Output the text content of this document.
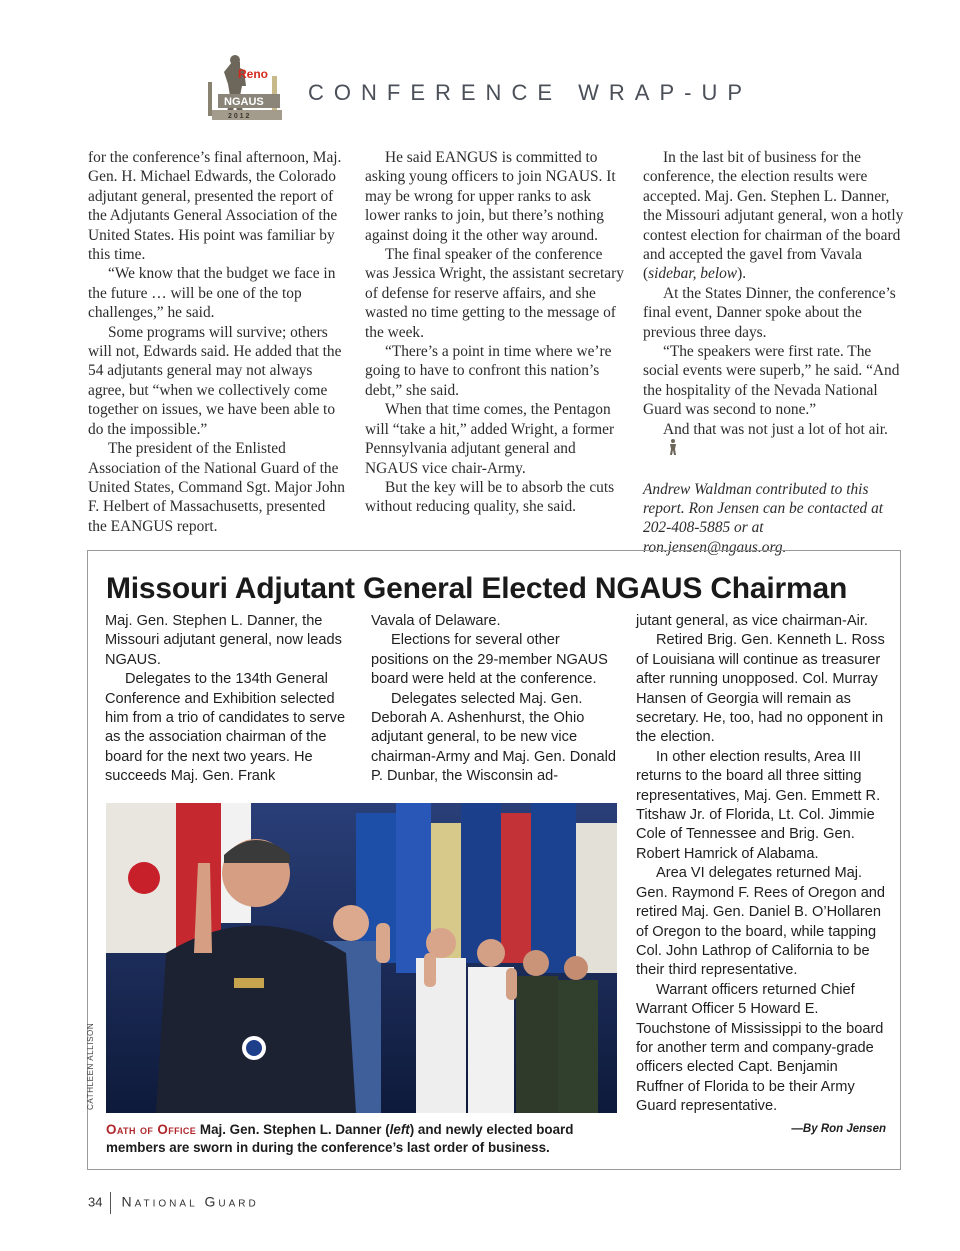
Reno
NGAUS
2 0 1 2
CONFERENCE WRAP-UP

for the conference’s final afternoon, Maj. Gen. H. Michael Edwards, the Colorado adjutant general, presented the report of the Adjutants General Association of the United States. His point was familiar by this time.

“We know that the budget we face in the future … will be one of the top challenges,” he said.

Some programs will survive; others will not, Edwards said. He added that the 54 adjutants general may not always agree, but “when we collectively come together on issues, we have been able to do the impossible.”

The president of the Enlisted Association of the National Guard of the United States, Command Sgt. Major John F. Helbert of Massachusetts, presented the EANGUS report.

He said EANGUS is committed to asking young officers to join NGAUS. It may be wrong for upper ranks to ask lower ranks to join, but there’s nothing against doing it the other way around.

The final speaker of the conference was Jessica Wright, the assistant secretary of defense for reserve affairs, and she wasted no time getting to the message of the week.

“There’s a point in time where we’re going to have to confront this nation’s debt,” she said.

When that time comes, the Pentagon will “take a hit,” added Wright, a former Pennsylvania adjutant general and NGAUS vice chair-Army.

But the key will be to absorb the cuts without reducing quality, she said.

In the last bit of business for the conference, the election results were accepted. Maj. Gen. Stephen L. Danner, the Missouri adjutant general, won a hotly contest election for chairman of the board and accepted the gavel from Vavala (sidebar, below).

At the States Dinner, the conference’s final event, Danner spoke about the previous three days.

“The speakers were first rate. The social events were superb,” he said. “And the hospitality of the Nevada National Guard was second to none.”

And that was not just a lot of hot air.

Andrew Waldman contributed to this report. Ron Jensen can be contacted at 202-408-5885 or at ron.jensen@ngaus.org.

Missouri Adjutant General Elected NGAUS Chairman

Maj. Gen. Stephen L. Danner, the Missouri adjutant general, now leads NGAUS.

Delegates to the 134th General Conference and Exhibition selected him from a trio of candidates to serve as the association chairman of the board for the next two years. He succeeds Maj. Gen. Frank

Vavala of Delaware.

Elections for several other positions on the 29-member NGAUS board were held at the conference.

Delegates selected Maj. Gen. Deborah A. Ashenhurst, the Ohio adjutant general, to be new vice chairman-Army and Maj. Gen. Donald P. Dunbar, the Wisconsin ad-

jutant general, as vice chairman-Air.

Retired Brig. Gen. Kenneth L. Ross of Louisiana will continue as treasurer after running unopposed. Col. Murray Hansen of Georgia will remain as secretary. He, too, had no opponent in the election.

In other election results, Area III returns to the board all three sitting representatives, Maj. Gen. Emmett R. Titshaw Jr. of Florida, Lt. Col. Jimmie Cole of Tennessee and Brig. Gen. Robert Hamrick of Alabama.

Area VI delegates returned Maj. Gen. Raymond F. Rees of Oregon and retired Maj. Gen. Daniel B. O’Hollaren of Oregon to the board, while tapping Col. John Lathrop of California to be their third representative.

Warrant officers returned Chief Warrant Officer 5 Howard E. Touchstone of Mississippi to the board for another term and company-grade officers elected Capt. Benjamin Ruffner of Florida to be their Army Guard representative.

—By Ron Jensen

CATHLEEN ALLISON
Oath of Office Maj. Gen. Stephen L. Danner (left) and newly elected board members are sworn in during the conference’s last order of business.
34 National Guard
